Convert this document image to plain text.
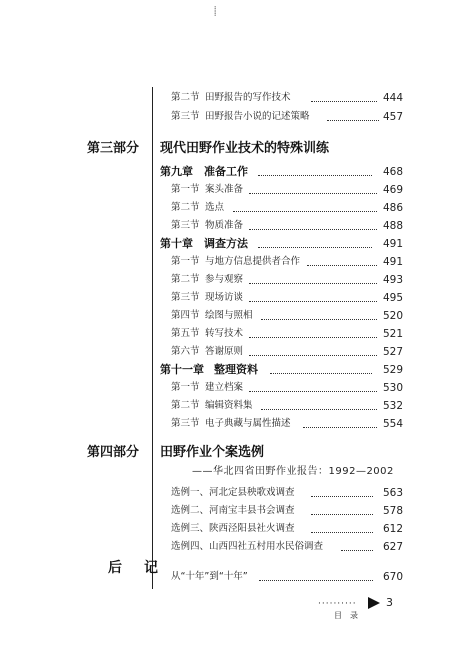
⸽
第二节 田野报告的写作技术	444
第三节 田野报告小说的记述策略	457
第三部分 现代田野作业技术的特殊训练
第九章 准备工作	468
第一节 案头准备	469
第二节 选点	486
第三节 物质准备	488
第十章 调查方法	491
第一节 与地方信息提供者合作	491
第二节 参与观察	493
第三节 现场访谈	495
第四节 绘图与照相	520
第五节 转写技术	521
第六节 答谢原则	527
第十一章 整理资料	529
第一节 建立档案	530
第二节 编辑资料集	532
第三节 电子典藏与属性描述	554
第四部分 田野作业个案选例
——华北四省田野作业报告：1992—2002
选例一、河北定县秧歌戏调查	563
选例二、河南宝丰县书会调查	578
选例三、陕西泾阳县社火调查	612
选例四、山西四社五村用水民俗调查	627
后　记
从“十年”到“十年”	670
··········
目　录
3
